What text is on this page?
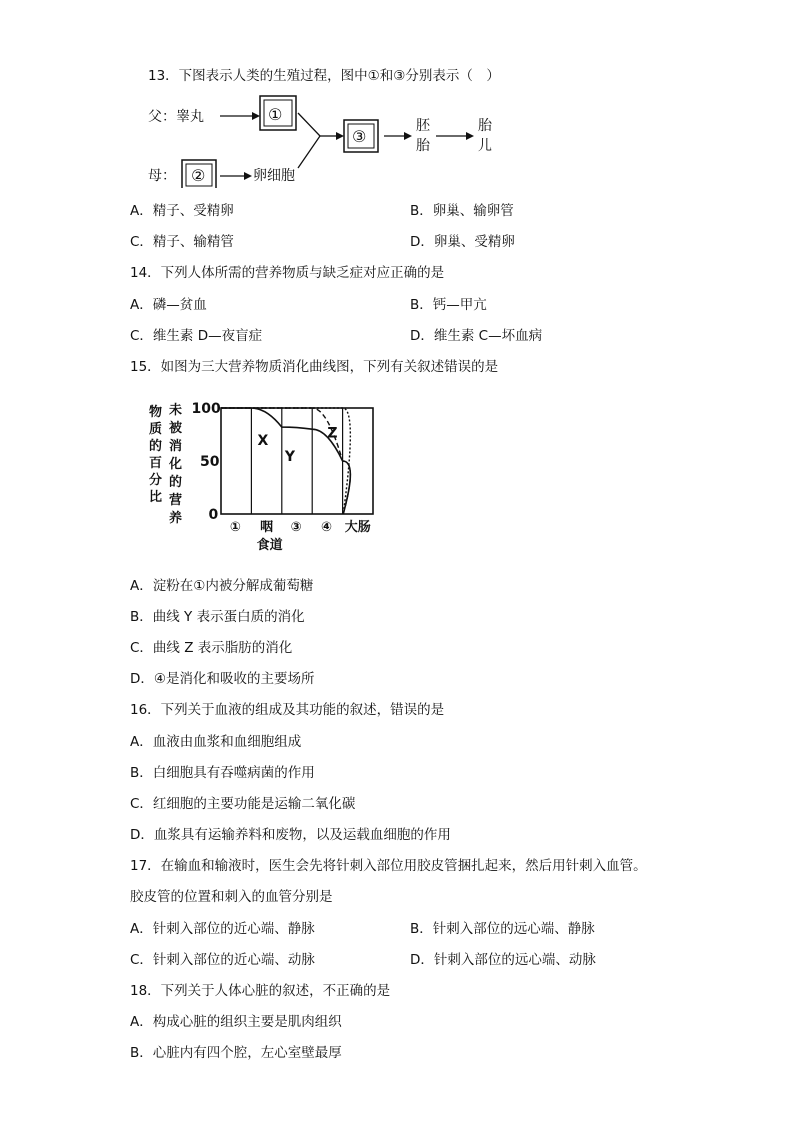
13．下图表示人类的生殖过程，图中①和③分别表示（　）
父：睾丸	①
母： ②	卵细胞
③
胚
胎
胎
儿
A．精子、受精卵	B．卵巢、输卵管
C．精子、输精管	D．卵巢、受精卵
14．下列人体所需的营养物质与缺乏症对应正确的是
A．磷—贫血	B．钙—甲亢
C．维生素 D—夜盲症	D．维生素 C—坏血病
15．如图为三大营养物质消化曲线图，下列有关叙述错误的是
物
质
的
百
分
比
未
被
消
化
的
营
养
100
50
0
X
Y
Z
① 咽 ③ ④ 大肠
食道
A．淀粉在①内被分解成葡萄糖
B．曲线 Y 表示蛋白质的消化
C．曲线 Z 表示脂肪的消化
D．④是消化和吸收的主要场所
16．下列关于血液的组成及其功能的叙述，错误的是
A．血液由血浆和血细胞组成
B．白细胞具有吞噬病菌的作用
C．红细胞的主要功能是运输二氧化碳
D．血浆具有运输养料和废物，以及运载血细胞的作用
17．在输血和输液时，医生会先将针刺入部位用胶皮管捆扎起来，然后用针刺入血管。
胶皮管的位置和刺入的血管分别是
A．针刺入部位的近心端、静脉	B．针刺入部位的远心端、静脉
C．针刺入部位的近心端、动脉	D．针刺入部位的远心端、动脉
18．下列关于人体心脏的叙述，不正确的是
A．构成心脏的组织主要是肌肉组织
B．心脏内有四个腔，左心室壁最厚
